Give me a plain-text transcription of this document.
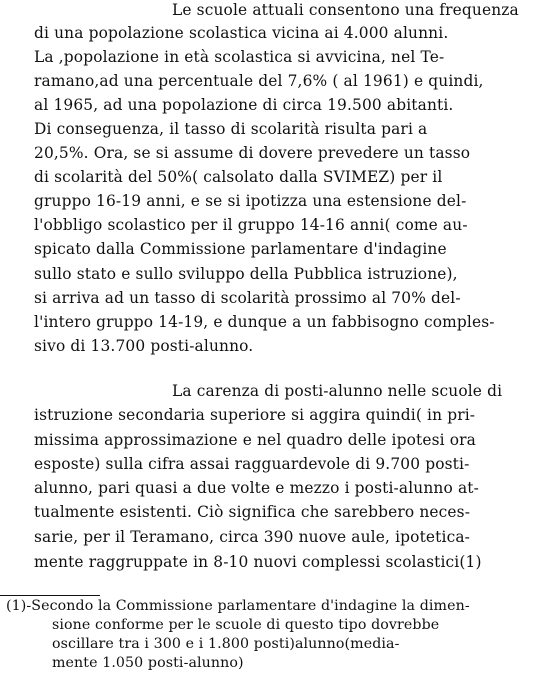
Le scuole attuali consentono una frequenza
di una popolazione scolastica vicina ai 4.000 alunni.
La ,popolazione in età scolastica si avvicina, nel Te-
ramano,ad una percentuale del 7,6% ( al 1961) e quindi,
al 1965, ad una popolazione di circa 19.500 abitanti.
Di conseguenza, il tasso di scolarità risulta pari a
20,5%. Ora, se si assume di dovere prevedere un tasso
di scolarità del 50%( calsolato dalla SVIMEZ) per il
gruppo 16-19 anni, e se si ipotizza una estensione del-
l'obbligo scolastico per il gruppo 14-16 anni( come au-
spicato dalla Commissione parlamentare d'indagine
sullo stato e sullo sviluppo della Pubblica istruzione),
si arriva ad un tasso di scolarità prossimo al 70% del-
l'intero gruppo 14-19, e dunque a un fabbisogno comples-
sivo di 13.700 posti-alunno.
La carenza di posti-alunno nelle scuole di
istruzione secondaria superiore si aggira quindi( in pri-
missima approssimazione e nel quadro delle ipotesi ora
esposte) sulla cifra assai ragguardevole di 9.700 posti-
alunno, pari quasi a due volte e mezzo i posti-alunno at-
tualmente esistenti. Ciò significa che sarebbero neces-
sarie, per il Teramano, circa 390 nuove aule, ipotetica-
mente raggruppate in 8-10 nuovi complessi scolastici(1)
(1)-Secondo la Commissione parlamentare d'indagine la dimen-
sione conforme per le scuole di questo tipo dovrebbe
oscillare tra i 300 e i 1.800 posti)alunno(media-
mente 1.050 posti-alunno)
